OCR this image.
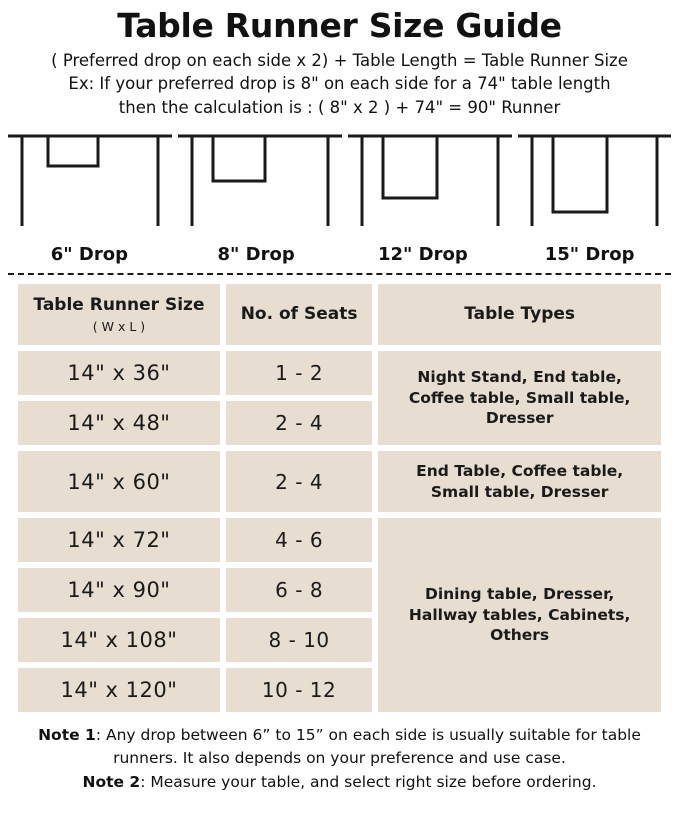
Table Runner Size Guide
( Preferred drop on each side x 2) + Table Length = Table Runner Size
Ex: If your preferred drop is 8" on each side for a 74" table length
then the calculation is : ( 8" x 2 ) + 74" = 90" Runner
6" Drop	8" Drop	12" Drop	15" Drop
Table Runner Size
( W x L )	No. of Seats	Table Types
14" x 36"	1 - 2	Night Stand, End table, Coffee table, Small table, Dresser
14" x 48"	2 - 4	
14" x 60"	2 - 4	End Table, Coffee table, Small table, Dresser
14" x 72"	4 - 6	Dining table, Dresser, Hallway tables, Cabinets, Others
14" x 90"	6 - 8	
14" x 108"	8 - 10	
14" x 120"	10 - 12	

Note 1: Any drop between 6” to 15” on each side is usually suitable for table runners. It also depends on your preference and use case.

Note 2: Measure your table, and select right size before ordering.
